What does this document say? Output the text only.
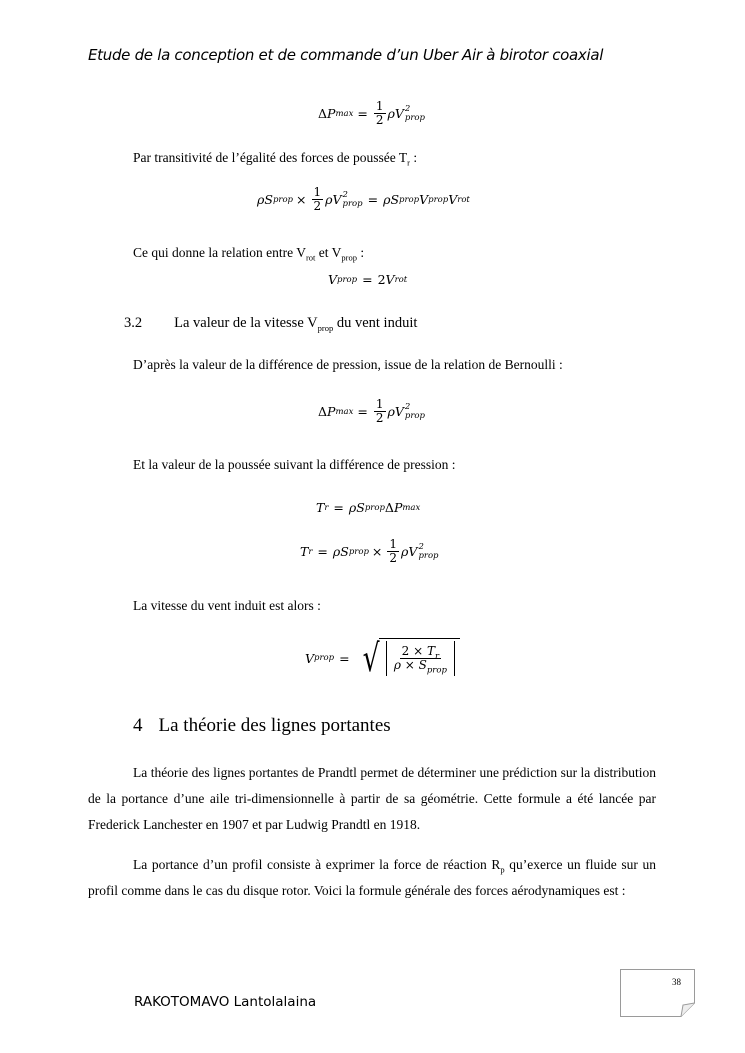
Etude de la conception et de commande d’un Uber Air à birotor coaxial
Δ P $\max = \frac{1}{2}$ ρ V 2
prop
Par transitivité de l’égalité des forces de poussée $T_r$ :
ρ S prop × $\frac{1}{2}$ ρ V 2
prop = ρ S prop V prop V rot
Ce qui donne la relation entre $V_{rot}$ et $V_{prop}$ :
V prop = 2 V rot
3.2 La valeur de la vitesse $V_{prop}$ du vent induit
D’après la valeur de la différence de pression, issue de la relation de Bernoulli :
Δ P $\max = \frac{1}{2}$ ρ V 2
prop
Et la valeur de la poussée suivant la différence de pression :
T r = ρ S prop Δ P max
T r = ρ S prop × $\frac{1}{2}$ ρ V 2
prop
La vitesse du vent induit est alors :
V prop = √ $\frac{2 \times T_r}{\rho \times S_{prop}}$
4 La théorie des lignes portantes
La théorie des lignes portantes de Prandtl permet de déterminer une prédiction sur la distribution de la portance d’une aile tri-dimensionnelle à partir de sa géométrie. Cette formule a été lancée par Frederick Lanchester en 1907 et par Ludwig Prandtl en 1918.
La portance d’un profil consiste à exprimer la force de réaction $R_p$ qu’exerce un fluide sur un profil comme dans le cas du disque rotor. Voici la formule générale des forces aérodynamiques est :
38
RAKOTOMAVO Lantolalaina
